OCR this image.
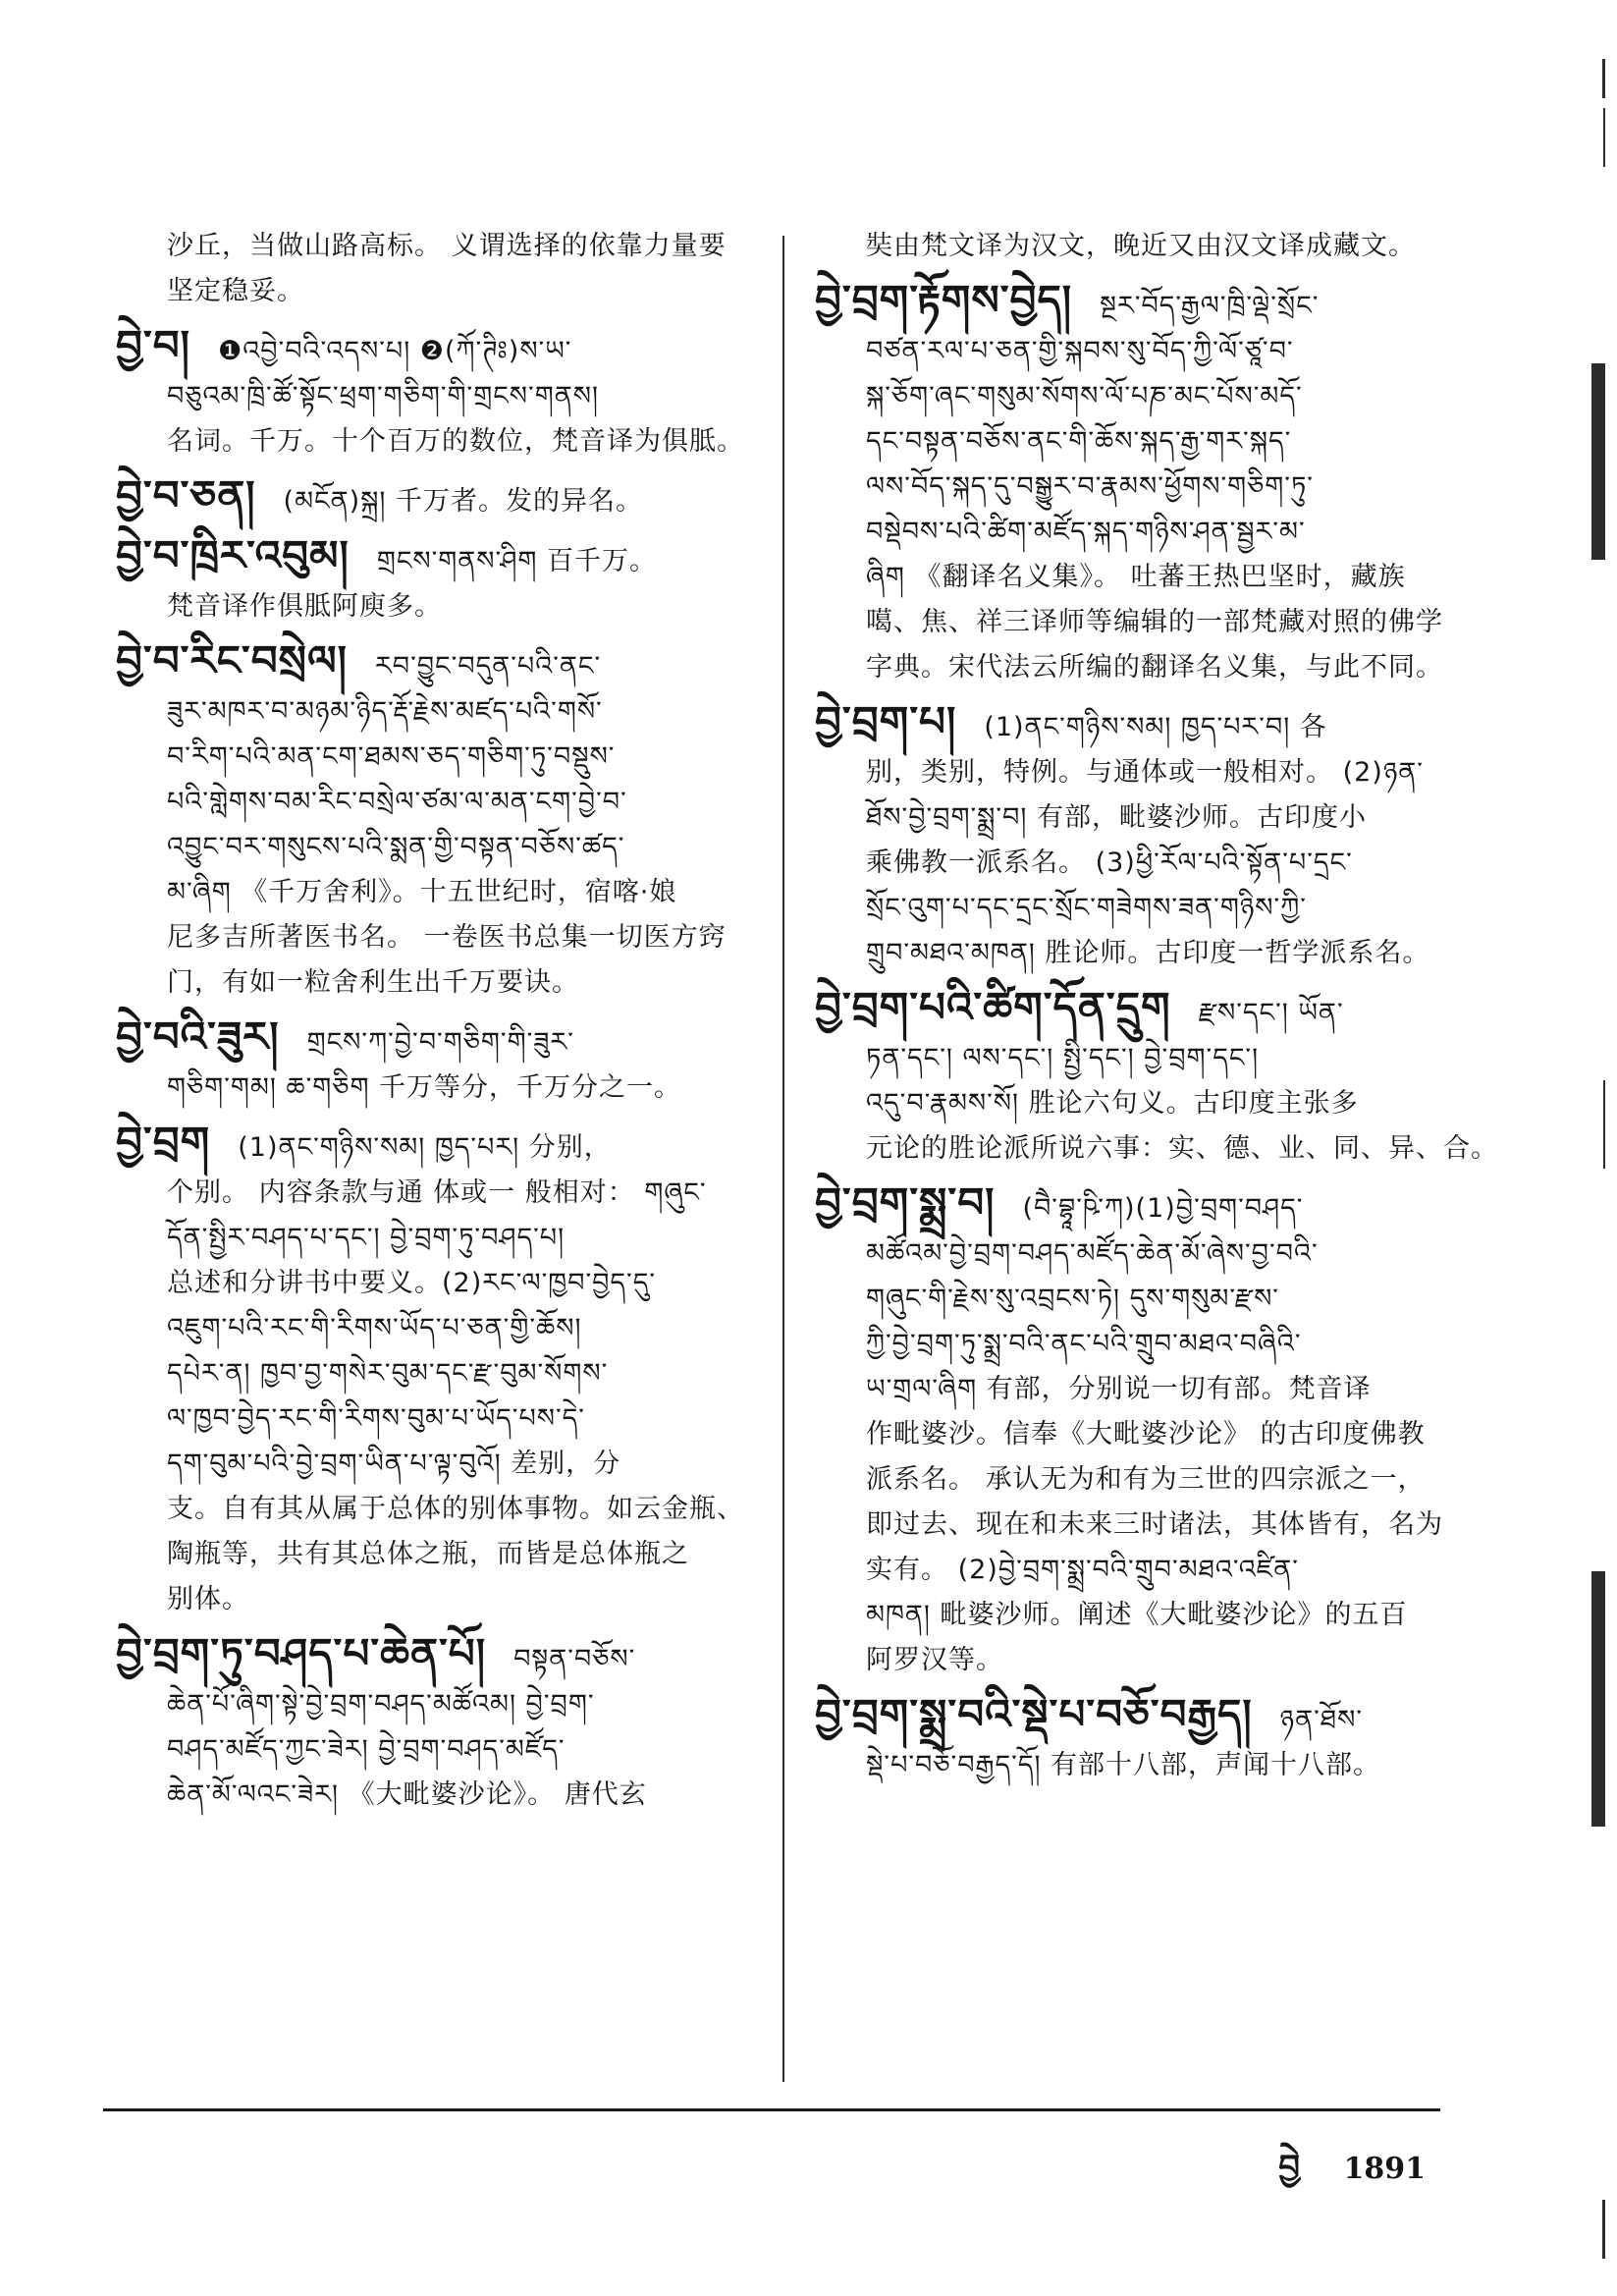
沙丘，当做山路高标。 义谓选择的依靠力量要
坚定稳妥。
བྱེ་བ། ❶འབྱེ་བའི་འདས་པ། ❷(ཀོ་ཊིཿ)ས་ཡ་
བཅུའམ་ཁྲི་ཚོ་སྟོང་ཕྲག་གཅིག་གི་གྲངས་གནས།
名词。千万。十个百万的数位，梵音译为俱胝。
བྱེ་བ་ཅན། (མངོན)སྐྲ། 千万者。发的异名。
བྱེ་བ་ཁྲིར་འབུམ། གྲངས་གནས་ཤིག 百千万。
梵音译作俱胝阿庾多。
བྱེ་བ་རིང་བསྲེལ། རབ་བྱུང་བདུན་པའི་ནང་
ཟུར་མཁར་བ་མཉམ་ཉིད་རྡོ་རྗེས་མཛད་པའི་གསོ་
བ་རིག་པའི་མན་ངག་ཐམས་ཅད་གཅིག་ཏུ་བསྡུས་
པའི་གླེགས་བམ་རིང་བསྲེལ་ཙམ་ལ་མན་ངག་བྱེ་བ་
འབྱུང་བར་གསུངས་པའི་སྨན་གྱི་བསྟན་བཅོས་ཚད་
མ་ཞིག 《千万舍利》。十五世纪时，宿喀·娘
尼多吉所著医书名。 一卷医书总集一切医方窍
门，有如一粒舍利生出千万要诀。
བྱེ་བའི་ཟུར། གྲངས་ཀ་བྱེ་བ་གཅིག་གི་ཟུར་
གཅིག་གམ། ཆ་གཅིག 千万等分，千万分之一。
བྱེ་བྲག (1)ནང་གཉིས་སམ། ཁྱད་པར། 分别，
个别。 内容条款与通 体或一 般相对： གཞུང་
དོན་སྤྱིར་བཤད་པ་དང་། བྱེ་བྲག་ཏུ་བཤད་པ།
总述和分讲书中要义。(2)རང་ལ་ཁྱབ་བྱེད་དུ་
འཇུག་པའི་རང་གི་རིགས་ཡོད་པ་ཅན་གྱི་ཆོས།
དཔེར་ན། ཁྱབ་བྱ་གསེར་བུམ་དང་རྫ་བུམ་སོགས་
ལ་ཁྱབ་བྱེད་རང་གི་རིགས་བུམ་པ་ཡོད་པས་དེ་
དག་བུམ་པའི་བྱེ་བྲག་ཡིན་པ་ལྟ་བུའོ། 差别，分
支。自有其从属于总体的别体事物。如云金瓶、
陶瓶等，共有其总体之瓶，而皆是总体瓶之
别体。
བྱེ་བྲག་ཏུ་བཤད་པ་ཆེན་པོ། བསྟན་བཅོས་
ཆེན་པོ་ཞིག་སྟེ་བྱེ་བྲག་བཤད་མཚོའམ། བྱེ་བྲག་
བཤད་མཛོད་ཀྱང་ཟེར། བྱེ་བྲག་བཤད་མཛོད་
ཆེན་མོ་ལའང་ཟེར། 《大毗婆沙论》。 唐代玄
奘由梵文译为汉文，晚近又由汉文译成藏文。
བྱེ་བྲག་རྟོགས་བྱེད། སྔར་བོད་རྒྱལ་ཁྲི་ལྡེ་སྲོང་
བཙན་རལ་པ་ཅན་གྱི་སྐབས་སུ་བོད་ཀྱི་ལོ་ཙཱ་བ་
སྐ་ཅོག་ཞང་གསུམ་སོགས་ལོ་པཎ་མང་པོས་མདོ་
དང་བསྟན་བཅོས་ནང་གི་ཆོས་སྐད་རྒྱ་གར་སྐད་
ལས་བོད་སྐད་དུ་བསྒྱུར་བ་རྣམས་ཕྱོགས་གཅིག་ཏུ་
བསྡེབས་པའི་ཚིག་མཛོད་སྐད་གཉིས་ཤན་སྦྱར་མ་
ཞིག 《翻译名义集》。 吐蕃王热巴坚时，藏族
噶、焦、祥三译师等编辑的一部梵藏对照的佛学
字典。宋代法云所编的翻译名义集，与此不同。
བྱེ་བྲག་པ། (1)ནང་གཉིས་སམ། ཁྱད་པར་བ། 各
别，类别，特例。与通体或一般相对。 (2)ཉན་
ཐོས་བྱེ་བྲག་སྨྲ་བ། 有部，毗婆沙师。古印度小
乘佛教一派系名。 (3)ཕྱི་རོལ་པའི་སྟོན་པ་དྲང་
སྲོང་འུག་པ་དང་དྲང་སྲོང་གཟེགས་ཟན་གཉིས་ཀྱི་
གྲུབ་མཐའ་མཁན། 胜论师。古印度一哲学派系名。
བྱེ་བྲག་པའི་ཚིག་དོན་དྲུག རྫས་དང་། ཡོན་
ཏན་དང་། ལས་དང་། སྤྱི་དང་། བྱེ་བྲག་དང་།
འདུ་བ་རྣམས་སོ། 胜论六句义。古印度主张多
元论的胜论派所说六事：实、德、业、同、异、合。
བྱེ་བྲག་སྨྲ་བ། (བཻ་བྷཱ་ཥི་ཀ)(1)བྱེ་བྲག་བཤད་
མཚོའམ་བྱེ་བྲག་བཤད་མཛོད་ཆེན་མོ་ཞེས་བྱ་བའི་
གཞུང་གི་རྗེས་སུ་འབྲངས་ཏེ། དུས་གསུམ་རྫས་
ཀྱི་བྱེ་བྲག་ཏུ་སྨྲ་བའི་ནང་པའི་གྲུབ་མཐའ་བཞིའི་
ཡ་གྲལ་ཞིག 有部，分别说一切有部。梵音译
作毗婆沙。信奉《大毗婆沙论》 的古印度佛教
派系名。 承认无为和有为三世的四宗派之一，
即过去、现在和未来三时诸法，其体皆有，名为
实有。 (2)བྱེ་བྲག་སྨྲ་བའི་གྲུབ་མཐའ་འཛིན་
མཁན། 毗婆沙师。阐述《大毗婆沙论》的五百
阿罗汉等。
བྱེ་བྲག་སྨྲ་བའི་སྡེ་པ་བཅོ་བརྒྱད། ཉན་ཐོས་
སྡེ་པ་བཅོ་བརྒྱད་དོ། 有部十八部，声闻十八部。
བྱེ 1891
